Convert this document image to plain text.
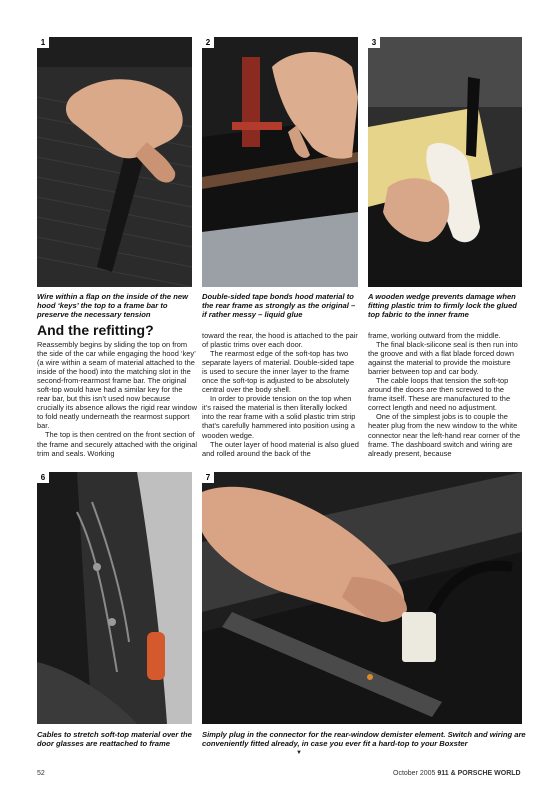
1	2	3
Wire within a flap on the inside of the new hood ‘keys’ the top to a frame bar to preserve the necessary tension
Double-sided tape bonds hood material to the rear frame as strongly as the original – if rather messy – liquid glue
A wooden wedge prevents damage when fitting plastic trim to firmly lock the glued top fabric to the inner frame
And the refitting?

Reassembly begins by sliding the top on from the side of the car while engaging the hood ‘key’ (a wire within a seam of material attached to the inside of the hood) into the matching slot in the second-from-rearmost frame bar. The original soft-top would have had a similar key for the rear bar, but this isn’t used now because crucially its absence allows the rigid rear window to fold neatly underneath the rearmost support bar.

The top is then centred on the front section of the frame and securely attached with the original trim and seals. Working

toward the rear, the hood is attached to the pair of plastic trims over each door.

The rearmost edge of the soft-top has two separate layers of material. Double-sided tape is used to secure the inner layer to the frame once the soft-top is adjusted to be absolutely central over the body shell.

In order to provide tension on the top when it’s raised the material is then literally locked into the rear frame with a solid plastic trim strip that’s carefully hammered into position using a wooden wedge.

The outer layer of hood material is also glued and rolled around the back of the

frame, working outward from the middle.

The final black-silicone seal is then run into the groove and with a flat blade forced down against the material to provide the moisture barrier between top and car body.

The cable loops that tension the soft-top around the doors are then screwed to the frame itself. These are manufactured to the correct length and need no adjustment.

One of the simplest jobs is to couple the heater plug from the new window to the white connector near the left-hand rear corner of the frame. The dashboard switch and wiring are already present, because

6	7
Cables to stretch soft-top material over the door glasses are reattached to frame
Simply plug in the connector for the rear-window demister element. Switch and wiring are conveniently fitted already, in case you ever fit a hard-top to your Boxster
▼
52	October 2005 911 & PORSCHE WORLD
